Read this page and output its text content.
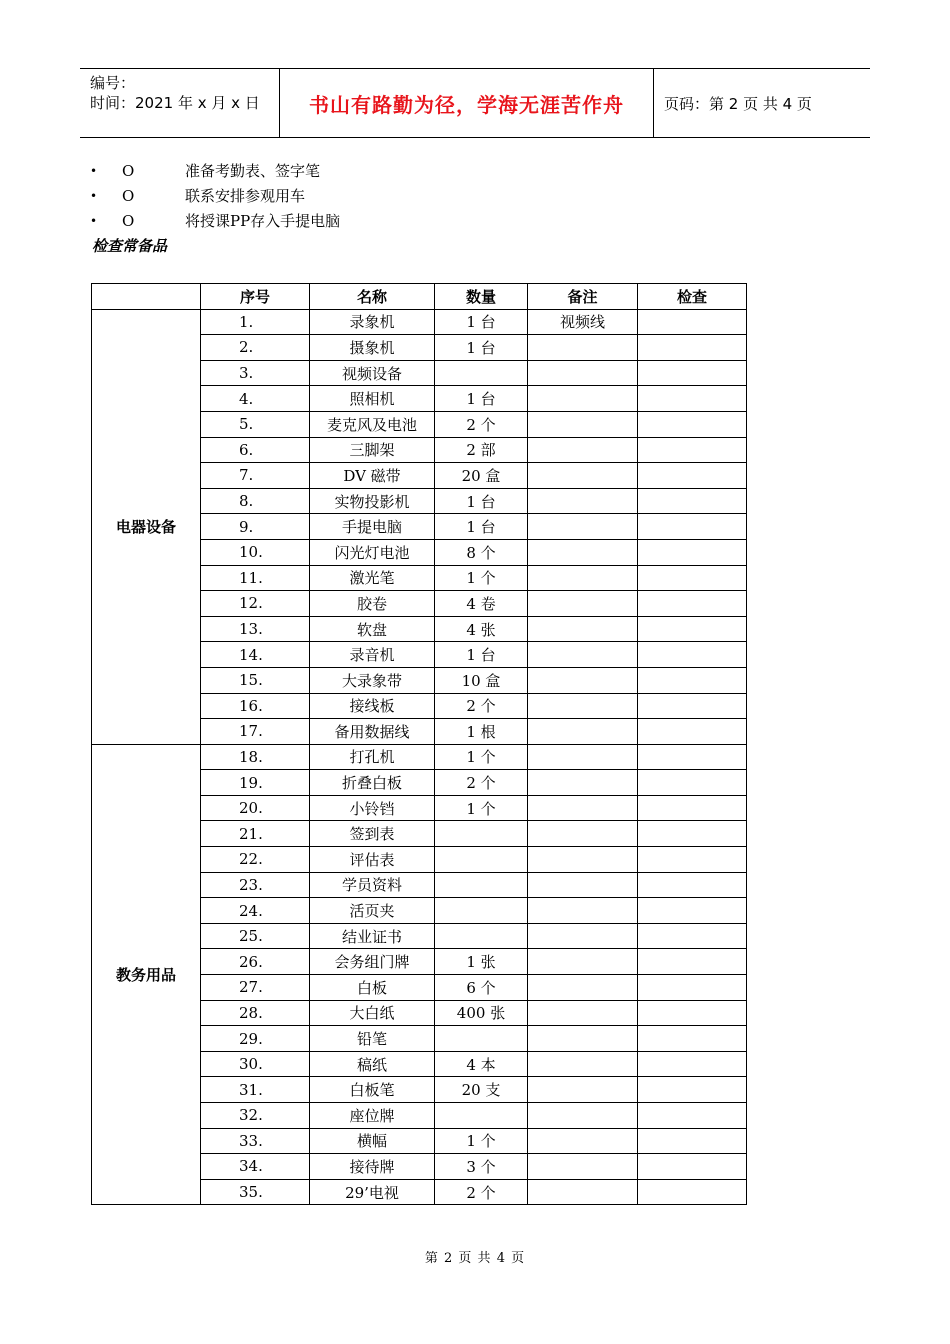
编号：
时间：2021 年 x 月 x 日	书山有路勤为径，学海无涯苦作舟	页码：第 2 页 共 4 页
•	O	准备考勤表、签字笔
•	O	联系安排参观用车
•	O	将授课PP存入手提电脑
检查常备品
	序号	名称	数量	备注	检查
电器设备	1.	录象机	1 台	视频线	
	2.	摄象机	1 台		
	3.	视频设备			
	4.	照相机	1 台		
	5.	麦克风及电池	2 个		
	6.	三脚架	2 部		
	7.	DV 磁带	20 盒		
	8.	实物投影机	1 台		
	9.	手提电脑	1 台		
	10.	闪光灯电池	8 个		
	11.	激光笔	1 个		
	12.	胶卷	4 卷		
	13.	软盘	4 张		
	14.	录音机	1 台		
	15.	大录象带	10 盒		
	16.	接线板	2 个		
	17.	备用数据线	1 根		
教务用品	18.	打孔机	1 个		
	19.	折叠白板	2 个		
	20.	小铃铛	1 个		
	21.	签到表			
	22.	评估表			
	23.	学员资料			
	24.	活页夹			
	25.	结业证书			
	26.	会务组门牌	1 张		
	27.	白板	6 个		
	28.	大白纸	400 张		
	29.	铅笔			
	30.	稿纸	4 本		
	31.	白板笔	20 支		
	32.	座位牌			
	33.	横幅	1 个		
	34.	接待牌	3 个		
	35.	29’电视	2 个		
第 2 页 共 4 页
